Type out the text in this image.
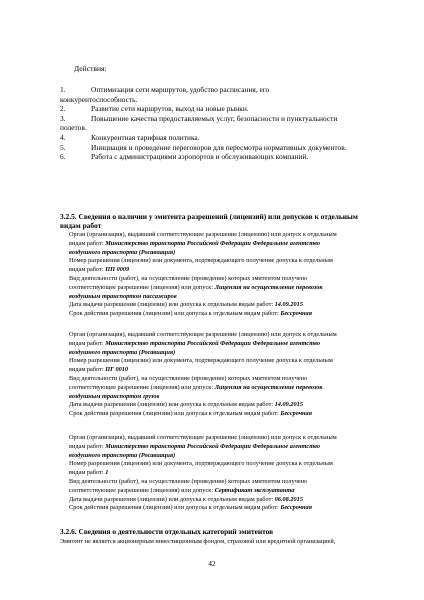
Действия:
1.	Оптимизация сети маршрутов, удобство расписания, его
конкурентоспособность.
2.	Развитие сети маршрутов, выход на новые рынки.
3.	Повышение качества предоставляемых услуг, безопасности и пунктуальности
полетов.
4.	Конкурентная тарифная политика.
5.	Инициация и проведение переговоров для пересмотра нормативных документов.
6.	Работа с администрациями аэропортов и обслуживающих компаний.
3.2.5. Сведения о наличии у эмитента разрешений (лицензий) или допусков к отдельным видам работ

Орган (организация), выдавший соответствующее разрешение (лицензию) или допуск к отдельным

видам работ: Министерство транспорта Российской Федерации Федеральное агентство

воздушного транспорта (Росавиация)

Номер разрешения (лицензии) или документа, подтверждающего получение допуска к отдельным

видам работ: ПП 0009

Вид деятельности (работ), на осуществление (проведение) которых эмитентом получено

соответствующее разрешение (лицензия) или допуск: Лицензия на осуществление перевозок

воздушным транспортом пассажиров

Дата выдачи разрешения (лицензии) или допуска к отдельным видам работ: 14.09.2015

Срок действия разрешения (лицензии) или допуска к отдельным видам работ: Бессрочная

Орган (организация), выдавший соответствующее разрешение (лицензию) или допуск к отдельным

видам работ: Министерство транспорта Российской Федерации Федеральное агентство

воздушного транспорта (Росавиация)

Номер разрешения (лицензии) или документа, подтверждающего получение допуска к отдельным

видам работ: ПГ 0010

Вид деятельности (работ), на осуществление (проведение) которых эмитентом получено

соответствующее разрешение (лицензия) или допуск: Лицензия на осуществление перевозок

воздушным транспортом грузов

Дата выдачи разрешения (лицензии) или допуска к отдельным видам работ: 14.09.2015

Срок действия разрешения (лицензии) или допуска к отдельным видам работ: Бессрочная

Орган (организация), выдавший соответствующее разрешение (лицензию) или допуск к отдельным

видам работ: Министерство транспорта Российской Федерации Федеральное агентство

воздушного транспорта (Росавиация)

Номер разрешения (лицензии) или документа, подтверждающего получение допуска к отдельным

видам работ: 1

Вид деятельности (работ), на осуществление (проведение) которых эмитентом получено

соответствующее разрешение (лицензия) или допуск: Сертификат эксплуатанта

Дата выдачи разрешения (лицензии) или допуска к отдельным видам работ: 06.08.2015

Срок действия разрешения (лицензии) или допуска к отдельным видам работ: Бессрочная

3.2.6. Сведения о деятельности отдельных категорий эмитентов
Эмитент не является акционерным инвестиционным фондом, страховой или кредитной организацией,
42
